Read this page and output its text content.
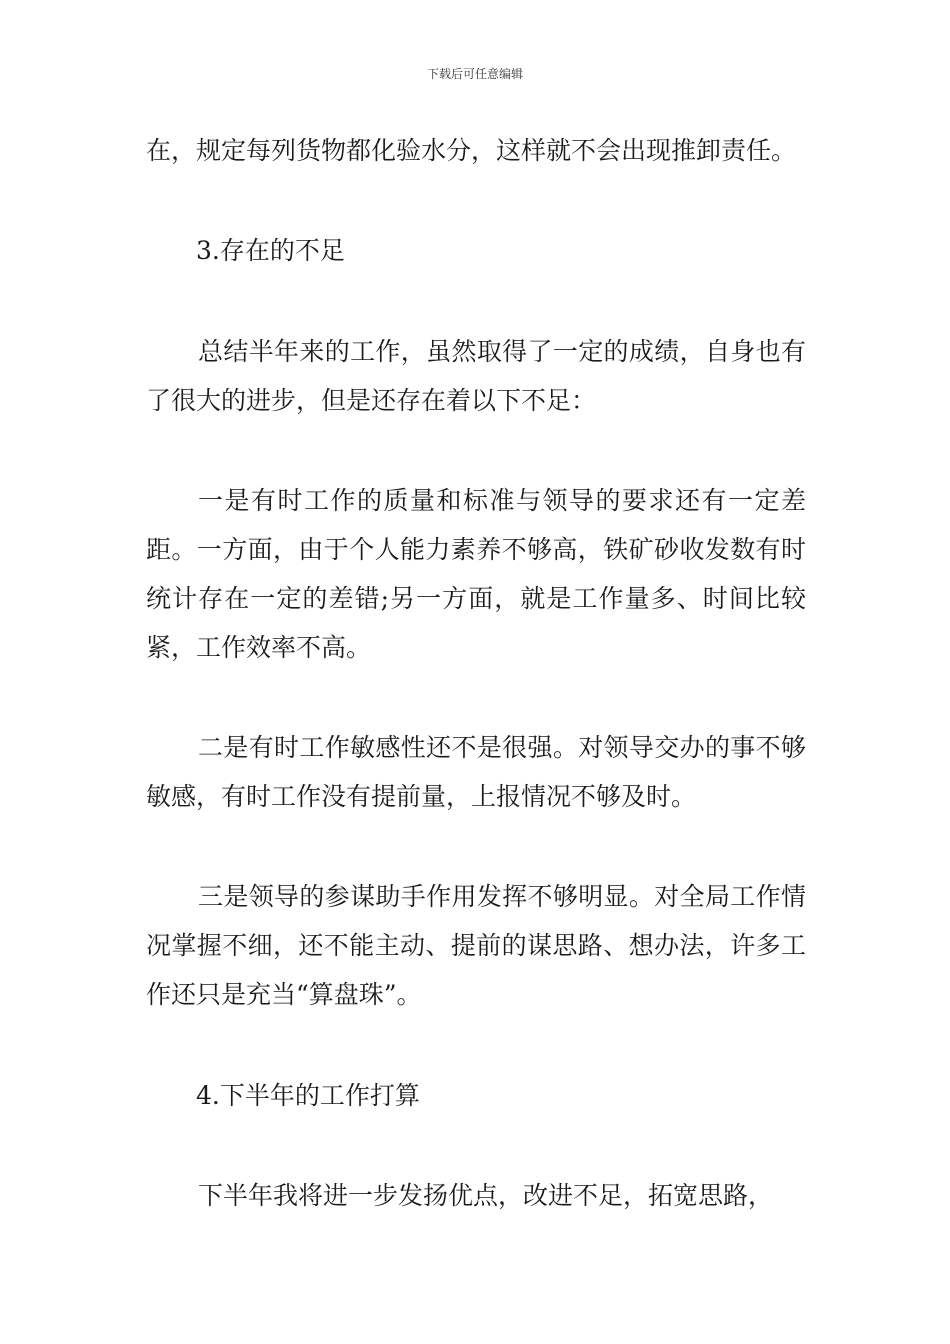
下载后可任意编辑

在，规定每列货物都化验水分，这样就不会出现推卸责任。

3.存在的不足

总结半年来的工作，虽然取得了一定的成绩，自身也有了很大的进步，但是还存在着以下不足：

一是有时工作的质量和标准与领导的要求还有一定差距。一方面，由于个人能力素养不够高，铁矿砂收发数有时统计存在一定的差错;另一方面，就是工作量多、时间比较紧，工作效率不高。

二是有时工作敏感性还不是很强。对领导交办的事不够敏感，有时工作没有提前量，上报情况不够及时。

三是领导的参谋助手作用发挥不够明显。对全局工作情况掌握不细，还不能主动、提前的谋思路、想办法，许多工作还只是充当“算盘珠”。

4.下半年的工作打算

下半年我将进一步发扬优点，改进不足，拓宽思路，
